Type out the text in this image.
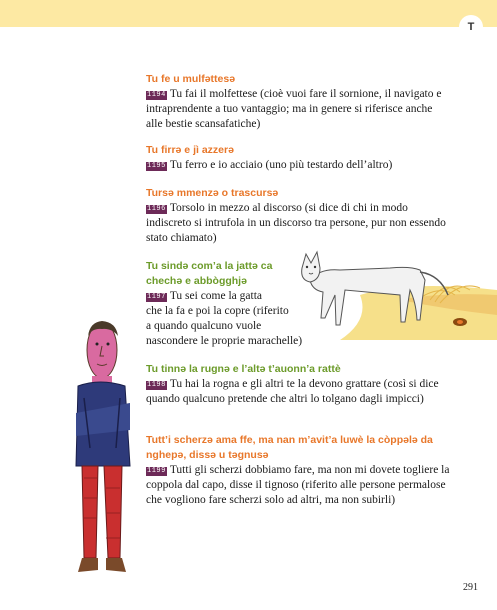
T

Tu fe u mulfəttesə

1194 Tu fai il molfettese (cioè vuoi fare il sornione, il navigato e intraprendente a tuo vantaggio; ma in genere si riferisce anche alle bestie scansafatiche)

Tu firrə e jì azzerə

1195 Tu ferro e io acciaio (uno più testardo dell’altro)

Tursə mmenzə o trascursə

1196 Torsolo in mezzo al discorso (si dice di chi in modo indiscreto si intrufola in un discorso tra persone, pur non essendo stato chiamato)

Tu sində com’a la jattə ca

chechə e abbògghjə

1197 Tu sei come la gatta

che la fa e poi la copre (riferito

a quando qualcuno vuole

nascondere le proprie marachelle)

Tu tinnə la rugnə e l’altə t’auonn’a rattè

1198 Tu hai la rogna e gli altri te la devono grattare (così si dice quando qualcuno pretende che altri lo tolgano dagli impicci)

Tutt’i scherzə ama ffe, ma nan m’avit’a luwè la còppələ da nghepə, dissə u təgnusə

1199 Tutti gli scherzi dobbiamo fare, ma non mi dovete togliere la coppola dal capo, disse il tignoso (riferito alle persone permalose che vogliono fare scherzi solo ad altri, ma non subirli)

291
